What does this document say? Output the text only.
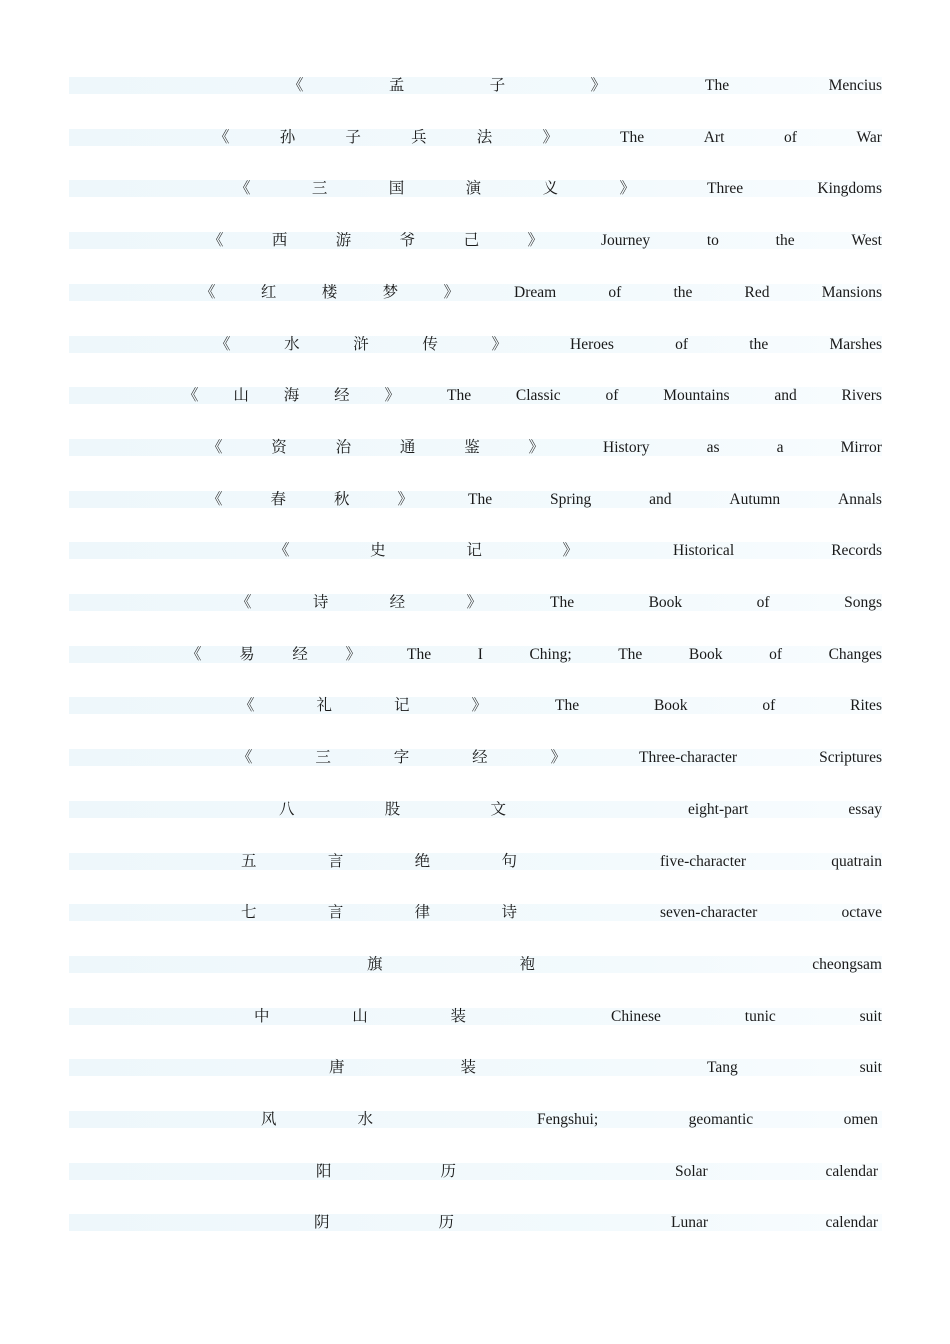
《	孟	子	》	The	Mencius
《	孙	子	兵	法	》	The	Art	of	War
《	三	国	演	义	》	Three	Kingdoms
《	西	游	爷	己	》	Journey	to	the	West
《	红	楼	梦	》	Dream	of	the	Red	Mansions
《	水	浒	传	》	Heroes	of	the	Marshes
《 山 海 经 》	The	Classic	of	Mountains	and	Rivers
《	资	治	通	鉴	》	History	as	a	Mirror
《	春	秋	》	The	Spring	and	Autumn	Annals
《	史	记	》	Historical	Records
《	诗	经	》	The	Book	of	Songs
《 易 经 》	The	I	Ching;	The	Book	of	Changes
《	礼	记	》	The	Book	of	Rites
《	三	字	经	》	Three-character	Scriptures
八	股	文	eight-part	essay
五	言	绝	句	five-character	quatrain
七	言	律	诗	seven-character	octave
旗	袍	cheongsam
中	山	装	Chinese	tunic	suit
唐	装	Tang	suit
风	水	Fengshui;	geomantic	omen
阳	历	Solar	calendar
阴	历	Lunar	calendar
